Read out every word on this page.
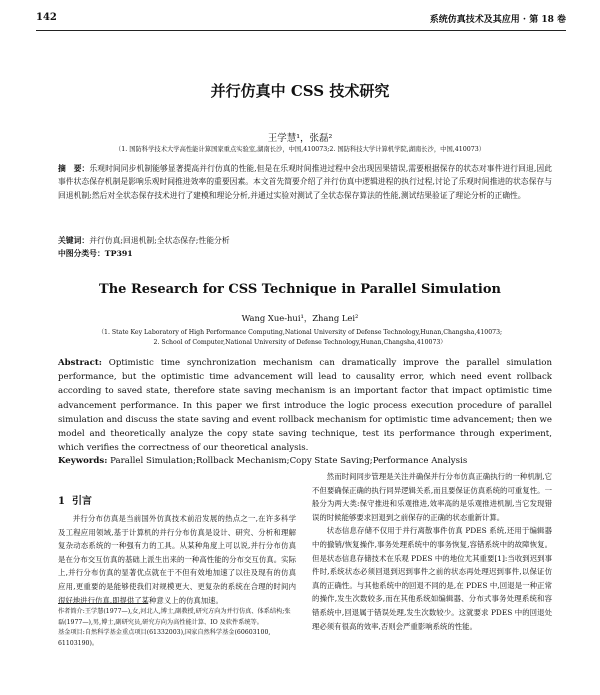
142	系统仿真技术及其应用 · 第 18 卷
并行仿真中 CSS 技术研究
王学慧¹，张磊²
（1. 国防科学技术大学高性能计算国家重点实验室,湖南长沙，中国,410073;2. 国防科技大学计算机学院,湖南长沙，中国,410073）
摘　要：乐观时间同步机制能够显著提高并行仿真的性能,但是在乐观时间推进过程中会出现因果错误,需要根据保存的状态对事件进行回退,因此事件状态保存机制是影响乐观时间推进效率的重要因素。本文首先简要介绍了并行仿真中逻辑进程的执行过程,讨论了乐观时间推进的状态保存与回退机制;然后对全状态保存技术进行了建模和理论分析,并通过实验对测试了全状态保存算法的性能,测试结果验证了理论分析的正确性。
关键词：并行仿真;回退机制;全状态保存;性能分析
中图分类号：TP391
The Research for CSS Technique in Parallel Simulation
Wang Xue-hui¹，Zhang Lei²
（1. State Key Laboratory of High Performance Computing,National University of Defense Technology,Hunan,Changsha,410073;
2. School of Computer,National University of Defense Technology,Hunan,Changsha,410073）
Abstract: Optimistic time synchronization mechanism can dramatically improve the parallel simulation performance, but the optimistic time advancement will lead to causality error, which need event rollback according to saved state, therefore state saving mechanism is an important factor that impact optimistic time advancement performance. In this paper we first introduce the logic process execution procedure of parallel simulation and discuss the state saving and event rollback mechanism for optimistic time advancement; then we model and theoretically analyze the copy state saving technique, test its performance through experiment, which verifies the correctness of our theoretical analysis.
Keywords: Parallel Simulation;Rollback Mechanism;Copy State Saving;Performance Analysis
1 引言

并行分布仿真是当前国外仿真技术前沿发展的热点之一,在许多科学及工程应用领域,基于计算机的并行分布仿真是设计、研究、分析和理解复杂动态系统的一种强有力的工具。从某种角度上可以说,并行分布仿真是在分布交互仿真的基础上派生出来的一种高性能的分布交互仿真。实际上,并行分布仿真的显著优点就在于不但有效地加速了以往及现有的仿真应用,更重要的是能够使我们对规模更大、更复杂的系统在合理的时间内很好地进行仿真,即提供了某种意义上的仿真加速。

作者简介:王学慧(1977—),女,河北人,博士,副教授,研究方向为并行仿真、体系结构;张磊(1977—),男,博士,副研究员,研究方向为高性能计算、IO 及软件系统等。

基金项目:自然科学基金重点项目(61332003),国家自然科学基金(60603100, 61103190)。

然而时间同步管理是关注并确保并行分布仿真正确执行的一种机制,它不但要确保正确的执行同异逻辑关系,而且要保证仿真系统的可重复性。一般分为两大类:保守推进和乐观推进,效率高的是乐观推进机制,当它发现错误的时候能够要求回退到之前保存的正确的状态重新计算。

状态信息存储不仅用于并行离散事件仿真 PDES 系统,还用于编辑器中的撤销/恢复操作,事务处理系统中的事务恢复,容错系统中的故障恢复。但是状态信息存储技术在乐观 PDES 中的地位尤其重要[1]:当收到迟到事件时,系统状态必须回退到迟到事件之前的状态再处理迟到事件,以保证仿真的正确性。与其他系统中的回退不同的是,在 PDES 中,回退是一种正常的操作,发生次数较多,而在其他系统如编辑器、分布式事务处理系统和容错系统中,回退属于错误处理,发生次数较少。这就要求 PDES 中的回退处理必须有很高的效率,否则会严重影响系统的性能。
